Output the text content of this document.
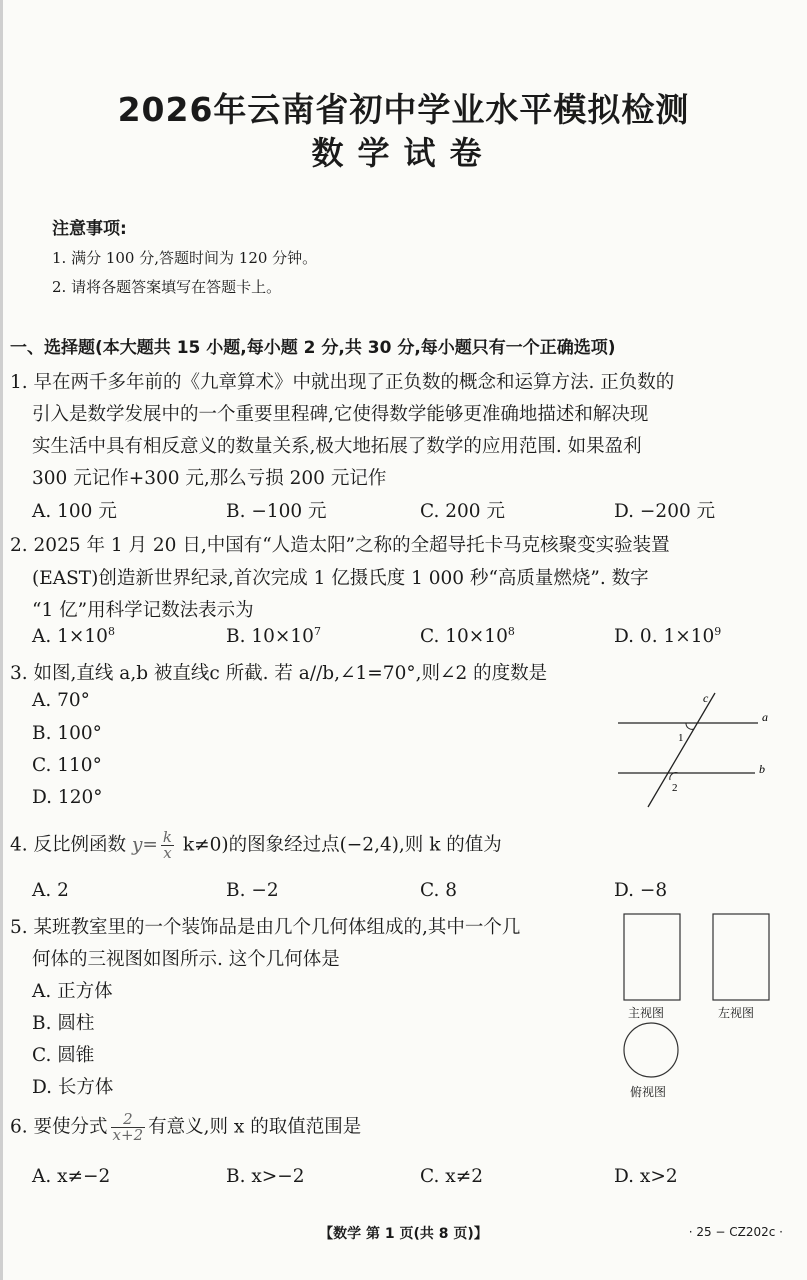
2026年云南省初中学业水平模拟检测
数学试卷
注意事项:
1. 满分 100 分,答题时间为 120 分钟。
2. 请将各题答案填写在答题卡上。
一、选择题(本大题共 15 小题,每小题 2 分,共 30 分,每小题只有一个正确选项)
1. 早在两千多年前的《九章算术》中就出现了正负数的概念和运算方法. 正负数的
引入是数学发展中的一个重要里程碑,它使得数学能够更准确地描述和解决现
实生活中具有相反意义的数量关系,极大地拓展了数学的应用范围. 如果盈利
300 元记作+300 元,那么亏损 200 元记作
A. 100 元	B. −100 元	C. 200 元	D. −200 元
2. 2025 年 1 月 20 日,中国有“人造太阳”之称的全超导托卡马克核聚变实验装置
(EAST)创造新世界纪录,首次完成 1 亿摄氏度 1 000 秒“高质量燃烧”. 数字
“1 亿”用科学记数法表示为
A. $1\times 10^8$	B. $10\times 10^7$	C. $10\times 10^8$	D. 0. $1\times 10^9$
3. 如图,直线 a,b 被直线c 所截. 若 a//b,∠1=70°,则∠2 的度数是
A. 70°
B. 100°
C. 110°
D. 120°
c
a
b
1
2
4. 反比例函数 $y= \frac{k}{x} k\ne 0$)的图象经过点(−2,4),则 k 的值为
A. 2	B. −2	C. 8	D. −8
5. 某班教室里的一个装饰品是由几个几何体组成的,其中一个几
何体的三视图如图所示. 这个几何体是
A. 正方体
B. 圆柱
C. 圆锥
D. 长方体
主视图	左视图
俯视图
6. 要使分式 $\frac{2}{x+2}$ 有意义,则 x 的取值范围是
A. x≠−2	B. x>−2	C. x≠2	D. x>2
【数学 第 1 页(共 8 页)】	· 25 − CZ202c ·
